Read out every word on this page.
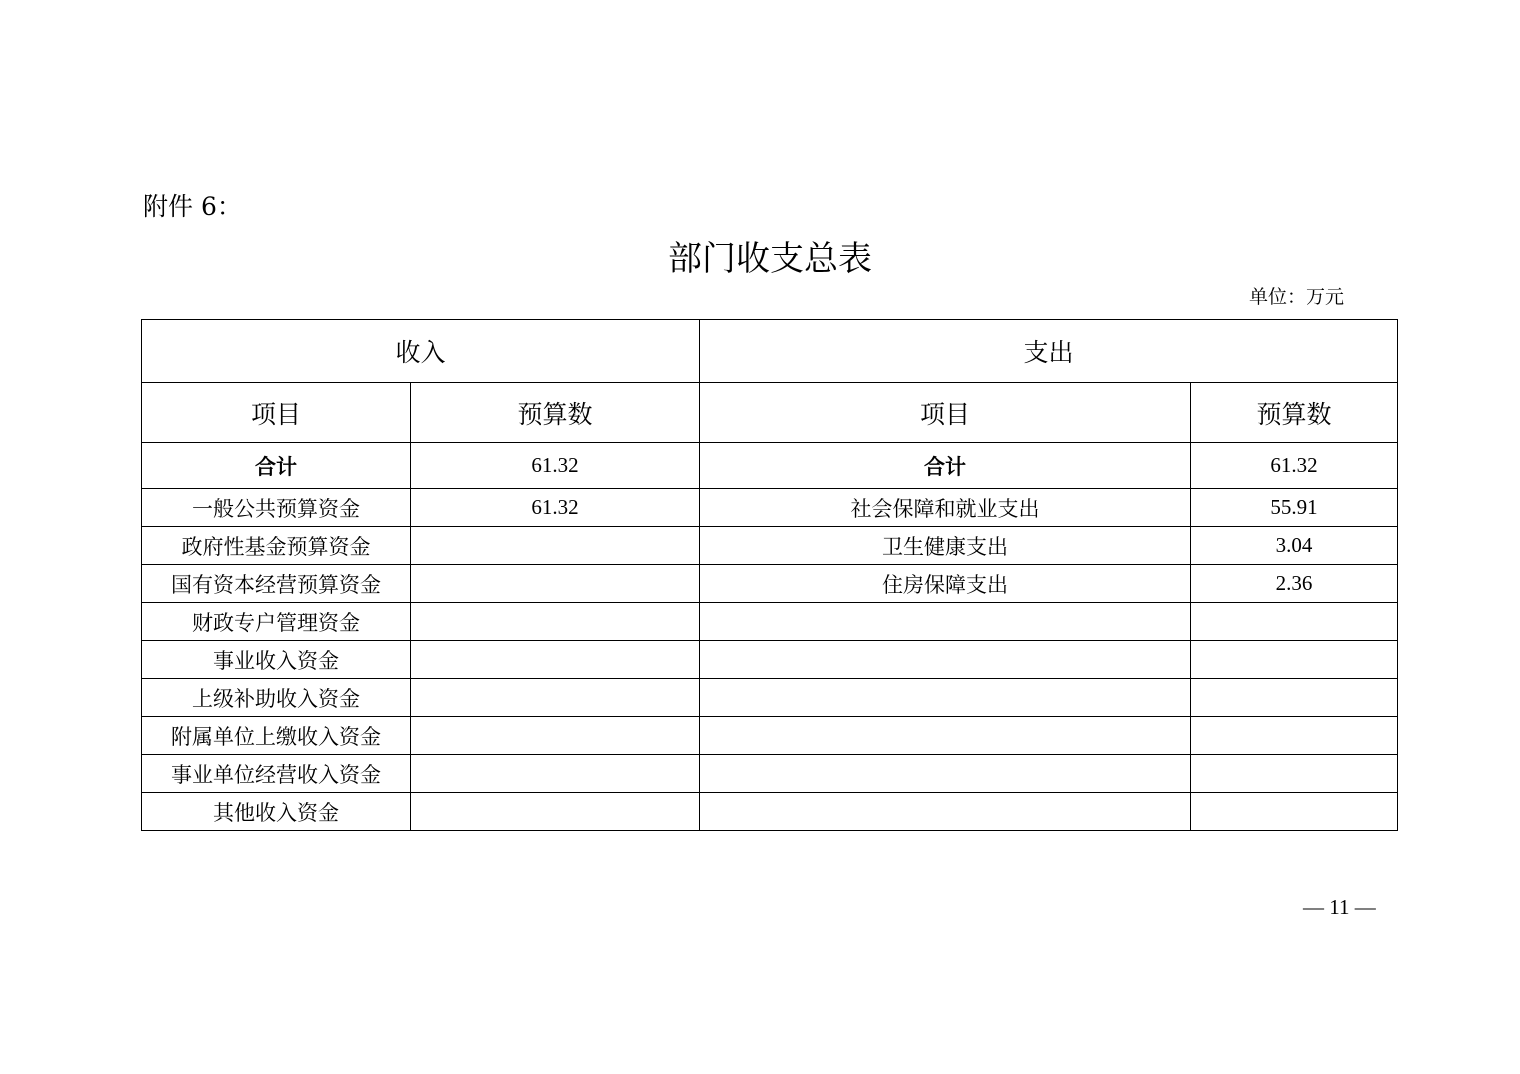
附件 6：
部门收支总表
单位：万元
收入		支出	
项目	预算数	项目	预算数
合计	61.32	合计	61.32
一般公共预算资金	61.32	社会保障和就业支出	55.91
政府性基金预算资金		卫生健康支出	3.04
国有资本经营预算资金		住房保障支出	2.36
财政专户管理资金			
事业收入资金			
上级补助收入资金			
附属单位上缴收入资金			
事业单位经营收入资金			
其他收入资金			
— 11 —
